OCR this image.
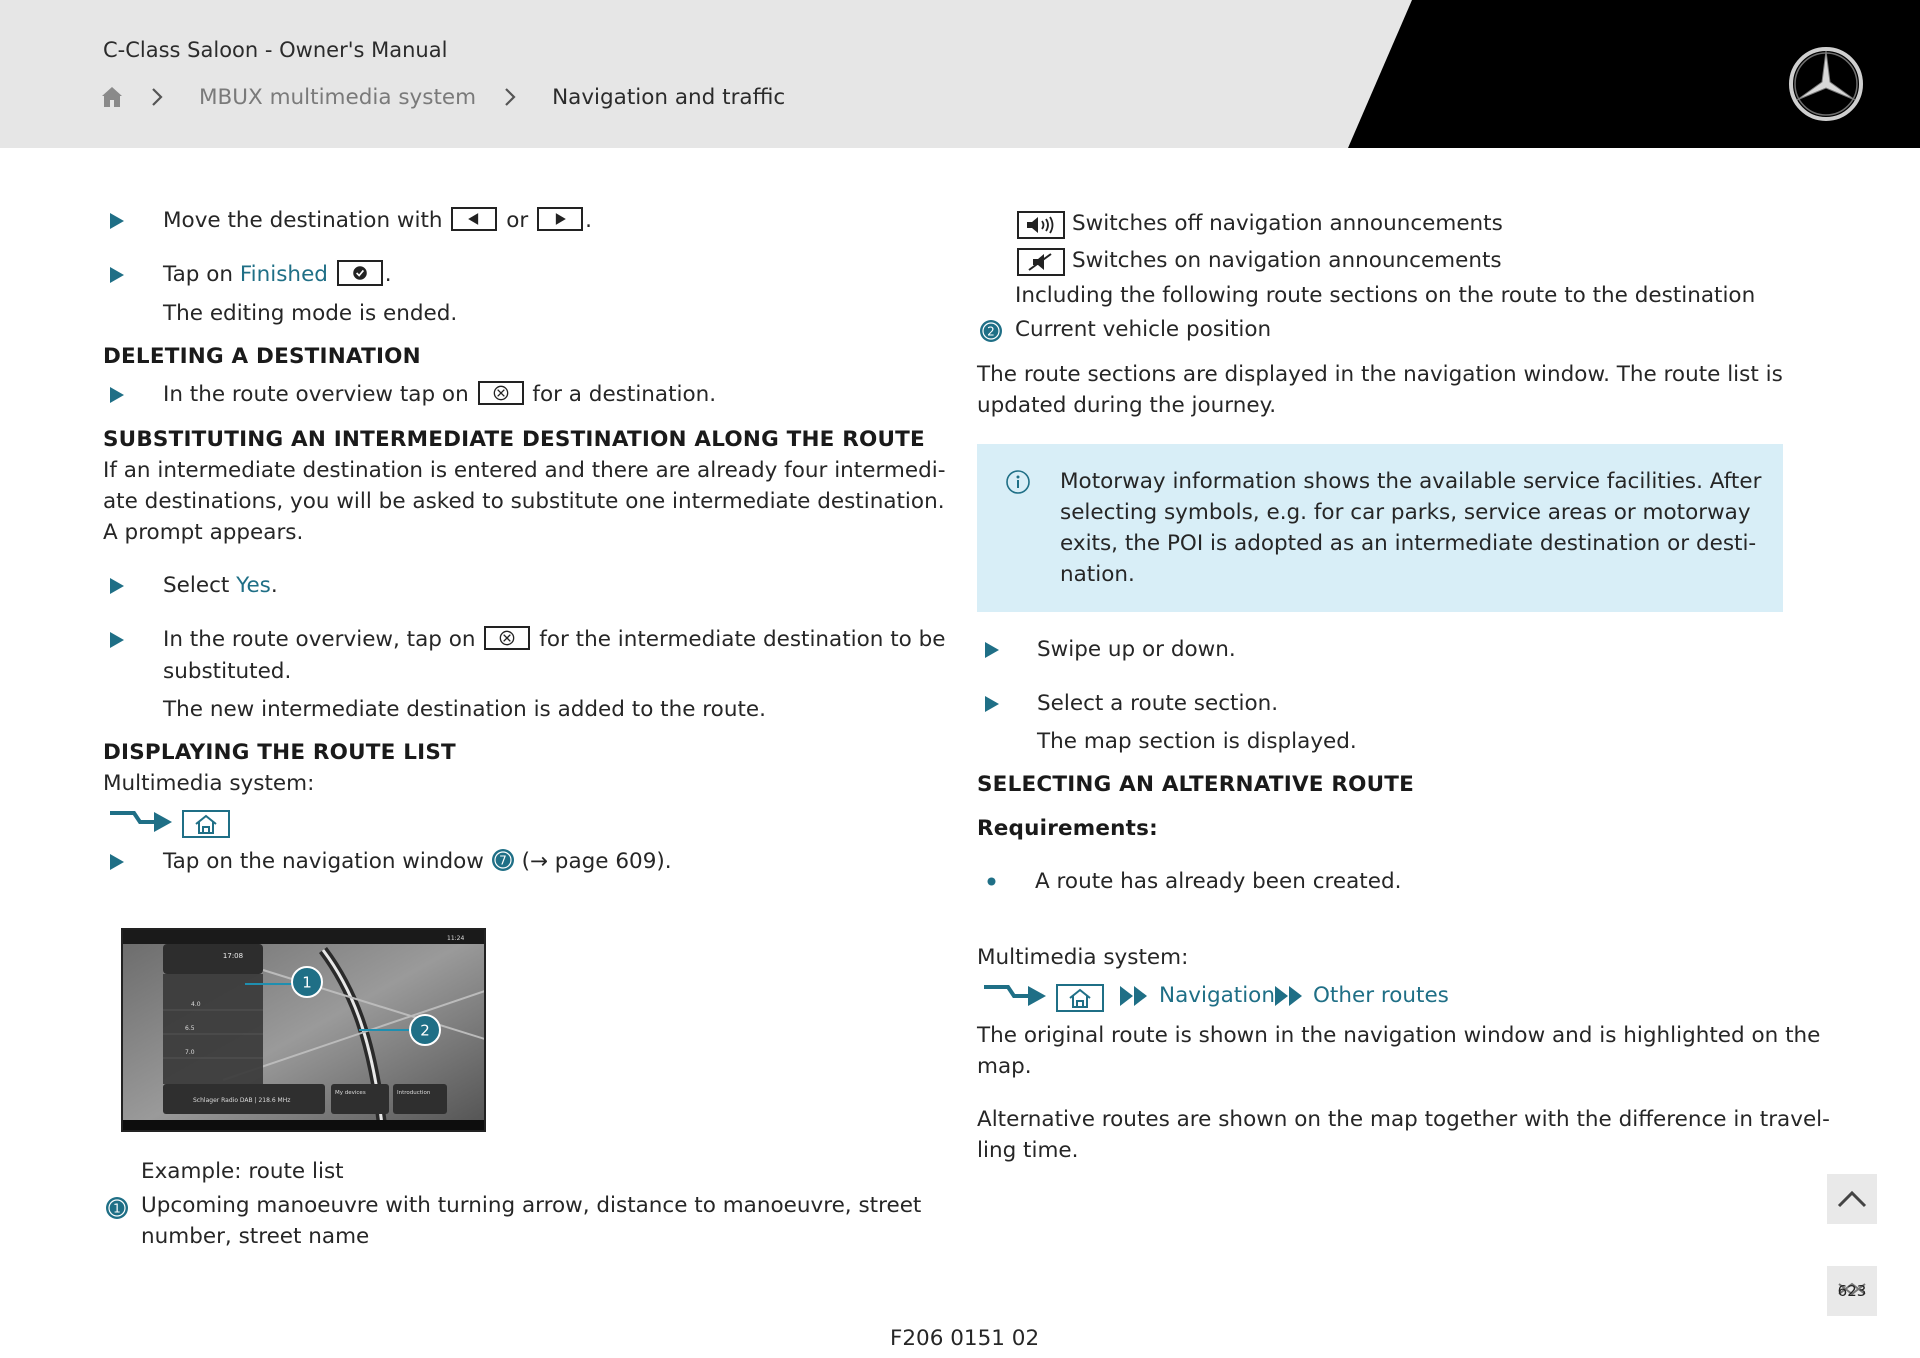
C-Class Saloon - Owner's Manual
MBUX multimedia system	Navigation and traffic
Move the destination with	or	.
Tap on Finished	.
The editing mode is ended.
DELETING A DESTINATION
In the route overview tap on	for a destination.
SUBSTITUTING AN INTERMEDIATE DESTINATION ALONG THE ROUTE
If an intermediate destination is entered and there are already four intermedi-
ate destinations, you will be asked to substitute one intermediate destination.
A prompt appears.
Select Yes.
In the route overview, tap on	for the intermediate destination to be
substituted.
The new intermediate destination is added to the route.
DISPLAYING THE ROUTE LIST
Multimedia system:
Tap on the navigation window 7 (→ page 609).
17:08
11:24
4.0
6.5
7.0
Schlager Radio DAB | 218.6 MHz
My devices	Introduction
1
2
Example: route list
1 Upcoming manoeuvre with turning arrow, distance to manoeuvre, street
number, street name
Switches off navigation announcements
Switches on navigation announcements
Including the following route sections on the route to the destination
2 Current vehicle position
The route sections are displayed in the navigation window. The route list is
updated during the journey.
Motorway information shows the available service facilities. After
selecting symbols, e.g. for car parks, service areas or motorway
exits, the POI is adopted as an intermediate destination or desti-
nation.
Swipe up or down.
Select a route section.
The map section is displayed.
SELECTING AN ALTERNATIVE ROUTE
Requirements:
A route has already been created.
Multimedia system:
Navigation Other routes
The original route is shown in the navigation window and is highlighted on the
map.
Alternative routes are shown on the map together with the difference in travel-
ling time.
623
F206 0151 02
